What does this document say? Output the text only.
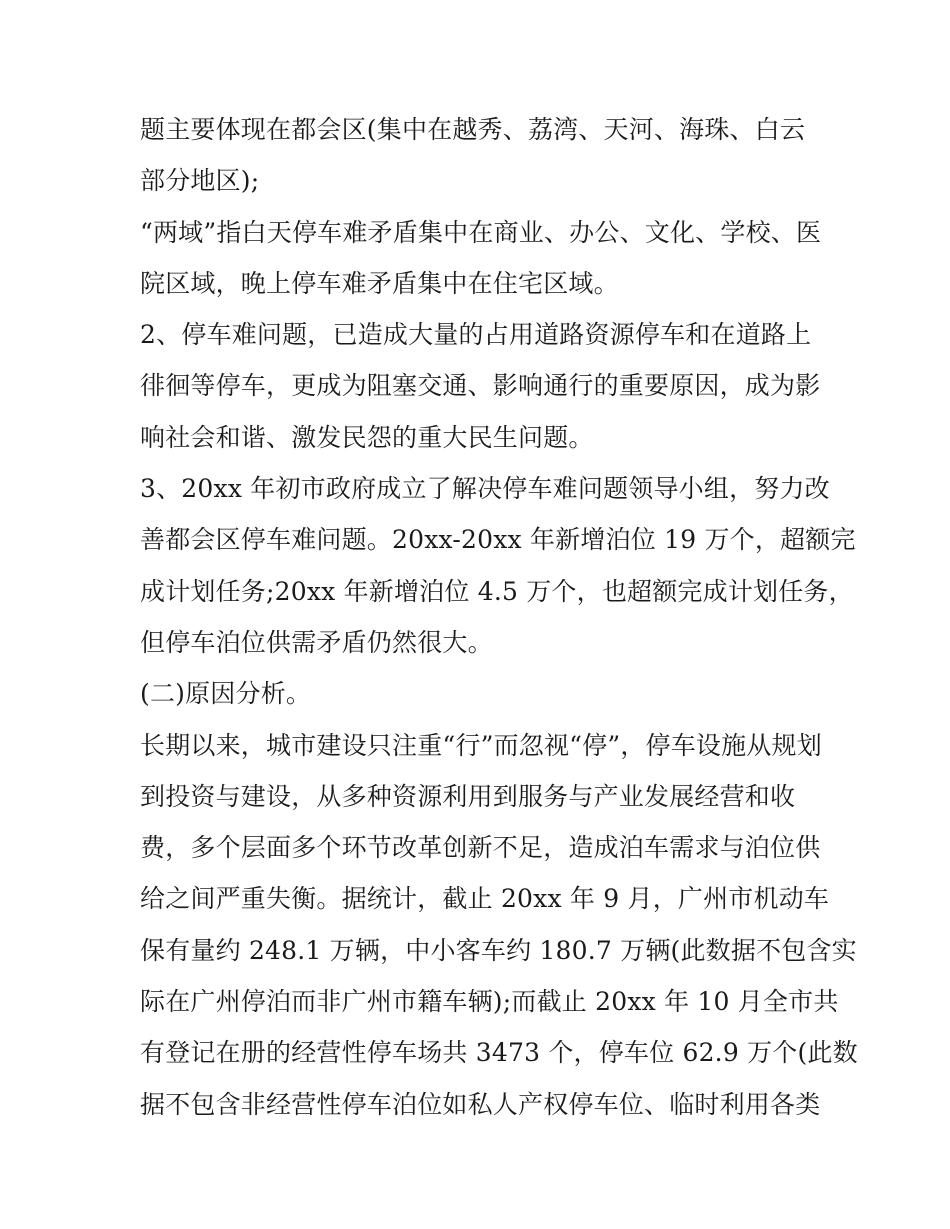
题主要体现在都会区(集中在越秀、荔湾、天河、海珠、白云
部分地区);
“两域”指白天停车难矛盾集中在商业、办公、文化、学校、医
院区域，晚上停车难矛盾集中在住宅区域。
2、停车难问题，已造成大量的占用道路资源停车和在道路上
徘徊等停车，更成为阻塞交通、影响通行的重要原因，成为影
响社会和谐、激发民怨的重大民生问题。
3、20xx 年初市政府成立了解决停车难问题领导小组，努力改
善都会区停车难问题。20xx-20xx 年新增泊位 19 万个，超额完
成计划任务;20xx 年新增泊位 4.5 万个，也超额完成计划任务，
但停车泊位供需矛盾仍然很大。
(二)原因分析。
长期以来，城市建设只注重“行”而忽视“停”，停车设施从规划
到投资与建设，从多种资源利用到服务与产业发展经营和收
费，多个层面多个环节改革创新不足，造成泊车需求与泊位供
给之间严重失衡。据统计，截止 20xx 年 9 月，广州市机动车
保有量约 248.1 万辆，中小客车约 180.7 万辆(此数据不包含实
际在广州停泊而非广州市籍车辆);而截止 20xx 年 10 月全市共
有登记在册的经营性停车场共 3473 个，停车位 62.9 万个(此数
据不包含非经营性停车泊位如私人产权停车位、临时利用各类
